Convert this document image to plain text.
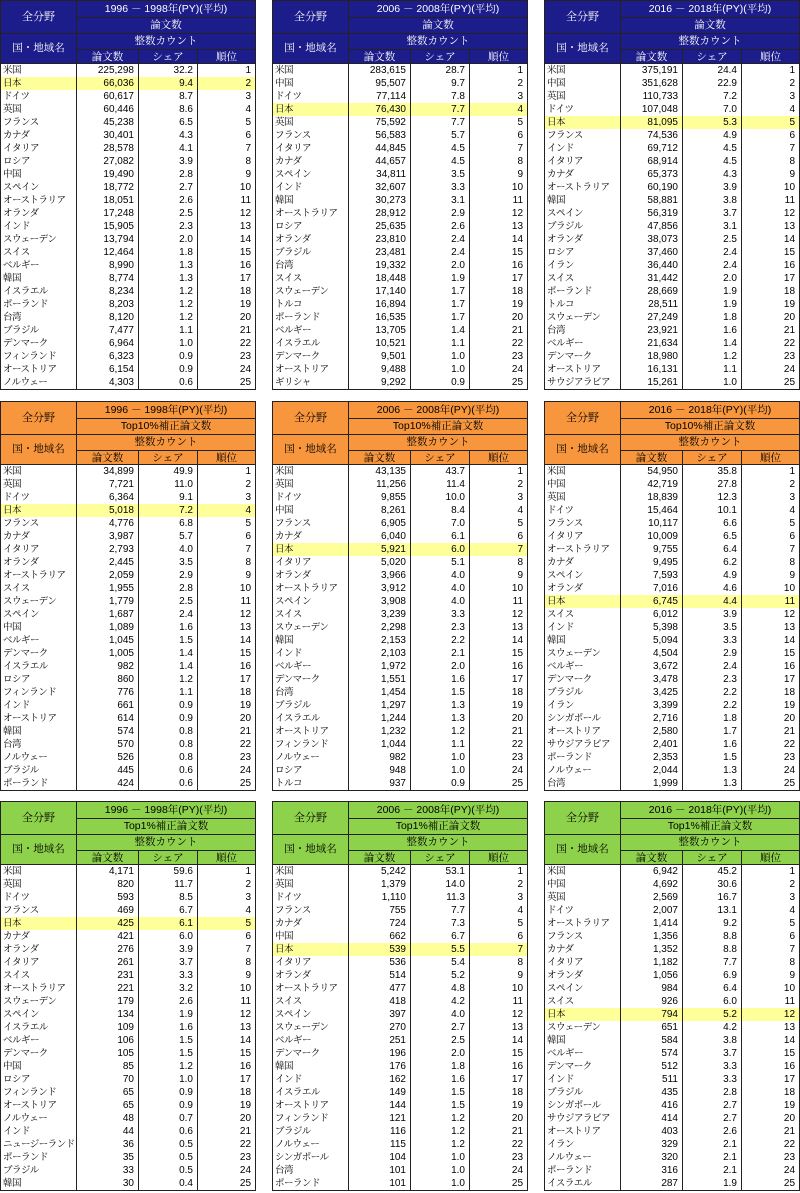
全分野	1996 － 1998年(PY)(平均)		
	論文数		
国・地域名	整数カウント		
	論文数	シェア	順位
米国	225,298	32.2	1
日本	66,036	9.4	2
ドイツ	60,617	8.7	3
英国	60,446	8.6	4
フランス	45,238	6.5	5
カナダ	30,401	4.3	6
イタリア	28,578	4.1	7
ロシア	27,082	3.9	8
中国	19,490	2.8	9
スペイン	18,772	2.7	10
オーストラリア	18,051	2.6	11
オランダ	17,248	2.5	12
インド	15,905	2.3	13
スウェーデン	13,794	2.0	14
スイス	12,464	1.8	15
ベルギー	8,990	1.3	16
韓国	8,774	1.3	17
イスラエル	8,234	1.2	18
ポーランド	8,203	1.2	19
台湾	8,120	1.2	20
ブラジル	7,477	1.1	21
デンマーク	6,964	1.0	22
フィンランド	6,323	0.9	23
オーストリア	6,154	0.9	24
ノルウェー	4,303	0.6	25
全分野	2006 － 2008年(PY)(平均)		
	論文数		
国・地域名	整数カウント		
	論文数	シェア	順位
米国	283,615	28.7	1
中国	95,507	9.7	2
ドイツ	77,114	7.8	3
日本	76,430	7.7	4
英国	75,592	7.7	5
フランス	56,583	5.7	6
イタリア	44,845	4.5	7
カナダ	44,657	4.5	8
スペイン	34,811	3.5	9
インド	32,607	3.3	10
韓国	30,273	3.1	11
オーストラリア	28,912	2.9	12
ロシア	25,635	2.6	13
オランダ	23,810	2.4	14
ブラジル	23,481	2.4	15
台湾	19,332	2.0	16
スイス	18,448	1.9	17
スウェーデン	17,140	1.7	18
トルコ	16,894	1.7	19
ポーランド	16,535	1.7	20
ベルギー	13,705	1.4	21
イスラエル	10,521	1.1	22
デンマーク	9,501	1.0	23
オーストリア	9,488	1.0	24
ギリシャ	9,292	0.9	25
全分野	2016 － 2018年(PY)(平均)		
	論文数		
国・地域名	整数カウント		
	論文数	シェア	順位
米国	375,191	24.4	1
中国	351,628	22.9	2
英国	110,733	7.2	3
ドイツ	107,048	7.0	4
日本	81,095	5.3	5
フランス	74,536	4.9	6
インド	69,712	4.5	7
イタリア	68,914	4.5	8
カナダ	65,373	4.3	9
オーストラリア	60,190	3.9	10
韓国	58,881	3.8	11
スペイン	56,319	3.7	12
ブラジル	47,856	3.1	13
オランダ	38,073	2.5	14
ロシア	37,460	2.4	15
イラン	36,440	2.4	16
スイス	31,442	2.0	17
ポーランド	28,669	1.9	18
トルコ	28,511	1.9	19
スウェーデン	27,249	1.8	20
台湾	23,921	1.6	21
ベルギー	21,634	1.4	22
デンマーク	18,980	1.2	23
オーストリア	16,131	1.1	24
サウジアラビア	15,261	1.0	25
全分野	1996 － 1998年(PY)(平均)		
	Top10%補正論文数		
国・地域名	整数カウント		
	論文数	シェア	順位
米国	34,899	49.9	1
英国	7,721	11.0	2
ドイツ	6,364	9.1	3
日本	5,018	7.2	4
フランス	4,776	6.8	5
カナダ	3,987	5.7	6
イタリア	2,793	4.0	7
オランダ	2,445	3.5	8
オーストラリア	2,059	2.9	9
スイス	1,955	2.8	10
スウェーデン	1,779	2.5	11
スペイン	1,687	2.4	12
中国	1,089	1.6	13
ベルギー	1,045	1.5	14
デンマーク	1,005	1.4	15
イスラエル	982	1.4	16
ロシア	860	1.2	17
フィンランド	776	1.1	18
インド	661	0.9	19
オーストリア	614	0.9	20
韓国	574	0.8	21
台湾	570	0.8	22
ノルウェー	526	0.8	23
ブラジル	445	0.6	24
ポーランド	424	0.6	25
全分野	2006 － 2008年(PY)(平均)		
	Top10%補正論文数		
国・地域名	整数カウント		
	論文数	シェア	順位
米国	43,135	43.7	1
英国	11,256	11.4	2
ドイツ	9,855	10.0	3
中国	8,261	8.4	4
フランス	6,905	7.0	5
カナダ	6,040	6.1	6
日本	5,921	6.0	7
イタリア	5,020	5.1	8
オランダ	3,966	4.0	9
オーストラリア	3,912	4.0	10
スペイン	3,908	4.0	11
スイス	3,239	3.3	12
スウェーデン	2,298	2.3	13
韓国	2,153	2.2	14
インド	2,103	2.1	15
ベルギー	1,972	2.0	16
デンマーク	1,551	1.6	17
台湾	1,454	1.5	18
ブラジル	1,297	1.3	19
イスラエル	1,244	1.3	20
オーストリア	1,232	1.2	21
フィンランド	1,044	1.1	22
ノルウェー	982	1.0	23
ロシア	948	1.0	24
トルコ	937	0.9	25
全分野	2016 － 2018年(PY)(平均)		
	Top10%補正論文数		
国・地域名	整数カウント		
	論文数	シェア	順位
米国	54,950	35.8	1
中国	42,719	27.8	2
英国	18,839	12.3	3
ドイツ	15,464	10.1	4
フランス	10,117	6.6	5
イタリア	10,009	6.5	6
オーストラリア	9,755	6.4	7
カナダ	9,495	6.2	8
スペイン	7,593	4.9	9
オランダ	7,016	4.6	10
日本	6,745	4.4	11
スイス	6,012	3.9	12
インド	5,398	3.5	13
韓国	5,094	3.3	14
スウェーデン	4,504	2.9	15
ベルギー	3,672	2.4	16
デンマーク	3,478	2.3	17
ブラジル	3,425	2.2	18
イラン	3,399	2.2	19
シンガポール	2,716	1.8	20
オーストリア	2,580	1.7	21
サウジアラビア	2,401	1.6	22
ポーランド	2,353	1.5	23
ノルウェー	2,044	1.3	24
台湾	1,999	1.3	25
全分野	1996 － 1998年(PY)(平均)		
	Top1%補正論文数		
国・地域名	整数カウント		
	論文数	シェア	順位
米国	4,171	59.6	1
英国	820	11.7	2
ドイツ	593	8.5	3
フランス	469	6.7	4
日本	425	6.1	5
カナダ	421	6.0	6
オランダ	276	3.9	7
イタリア	261	3.7	8
スイス	231	3.3	9
オーストラリア	221	3.2	10
スウェーデン	179	2.6	11
スペイン	134	1.9	12
イスラエル	109	1.6	13
ベルギー	106	1.5	14
デンマーク	105	1.5	15
中国	85	1.2	16
ロシア	70	1.0	17
フィンランド	65	0.9	18
オーストリア	65	0.9	19
ノルウェー	48	0.7	20
インド	44	0.6	21
ニュージーランド	36	0.5	22
ポーランド	35	0.5	23
ブラジル	33	0.5	24
韓国	30	0.4	25
全分野	2006 － 2008年(PY)(平均)		
	Top1%補正論文数		
国・地域名	整数カウント		
	論文数	シェア	順位
米国	5,242	53.1	1
英国	1,379	14.0	2
ドイツ	1,110	11.3	3
フランス	755	7.7	4
カナダ	724	7.3	5
中国	662	6.7	6
日本	539	5.5	7
イタリア	536	5.4	8
オランダ	514	5.2	9
オーストラリア	477	4.8	10
スイス	418	4.2	11
スペイン	397	4.0	12
スウェーデン	270	2.7	13
ベルギー	251	2.5	14
デンマーク	196	2.0	15
韓国	176	1.8	16
インド	162	1.6	17
イスラエル	149	1.5	18
オーストリア	144	1.5	19
フィンランド	121	1.2	20
ブラジル	116	1.2	21
ノルウェー	115	1.2	22
シンガポール	104	1.0	23
台湾	101	1.0	24
ポーランド	101	1.0	25
全分野	2016 － 2018年(PY)(平均)		
	Top1%補正論文数		
国・地域名	整数カウント		
	論文数	シェア	順位
米国	6,942	45.2	1
中国	4,692	30.6	2
英国	2,569	16.7	3
ドイツ	2,007	13.1	4
オーストラリア	1,414	9.2	5
フランス	1,356	8.8	6
カナダ	1,352	8.8	7
イタリア	1,182	7.7	8
オランダ	1,056	6.9	9
スペイン	984	6.4	10
スイス	926	6.0	11
日本	794	5.2	12
スウェーデン	651	4.2	13
韓国	584	3.8	14
ベルギー	574	3.7	15
デンマーク	512	3.3	16
インド	511	3.3	17
ブラジル	435	2.8	18
シンガポール	416	2.7	19
サウジアラビア	414	2.7	20
オーストリア	403	2.6	21
イラン	329	2.1	22
ノルウェー	320	2.1	23
ポーランド	316	2.1	24
イスラエル	287	1.9	25
